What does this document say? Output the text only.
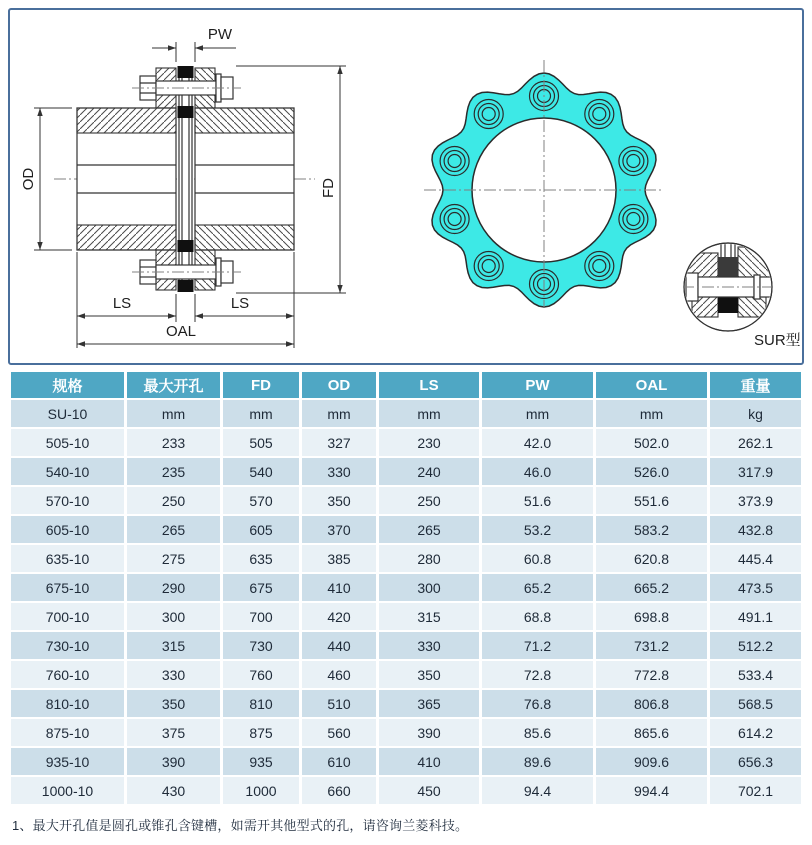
PW
FD
OD
LS	LS
OAL
SUR型
规格	最大开孔	FD	OD	LS	PW	OAL	重量
SU-10	mm	mm	mm	mm	mm	mm	kg
505-10	233	505	327	230	42.0	502.0	262.1
540-10	235	540	330	240	46.0	526.0	317.9
570-10	250	570	350	250	51.6	551.6	373.9
605-10	265	605	370	265	53.2	583.2	432.8
635-10	275	635	385	280	60.8	620.8	445.4
675-10	290	675	410	300	65.2	665.2	473.5
700-10	300	700	420	315	68.8	698.8	491.1
730-10	315	730	440	330	71.2	731.2	512.2
760-10	330	760	460	350	72.8	772.8	533.4
810-10	350	810	510	365	76.8	806.8	568.5
875-10	375	875	560	390	85.6	865.6	614.2
935-10	390	935	610	410	89.6	909.6	656.3
1000-10	430	1000	660	450	94.4	994.4	702.1
1、最大开孔值是圆孔或锥孔含键槽，如需开其他型式的孔，请咨询兰菱科技。
